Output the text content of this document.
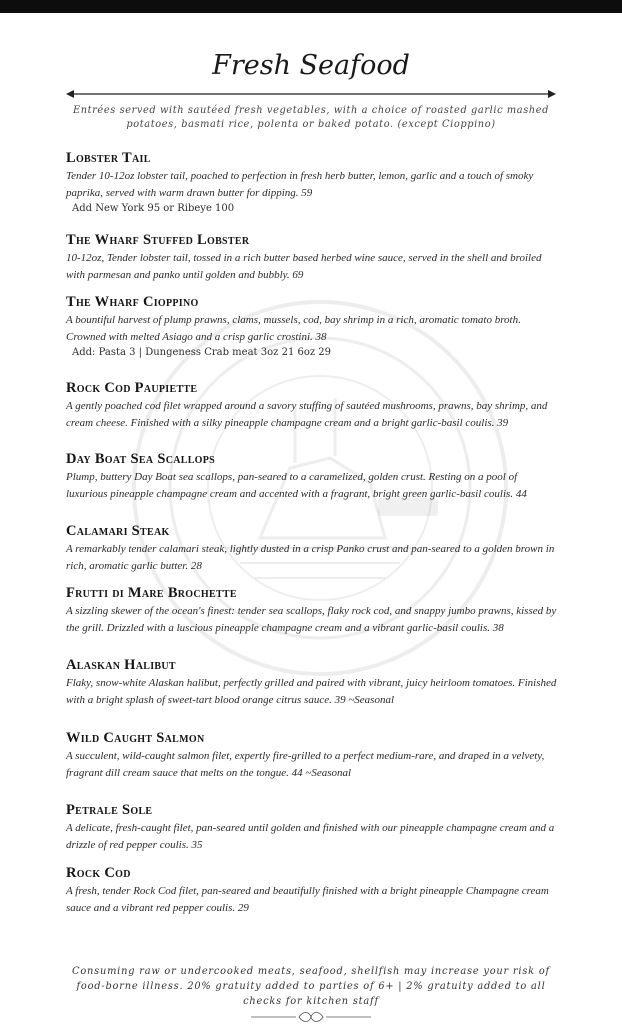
Fresh Seafood
Entrées served with sautéed fresh vegetables, with a choice of roasted garlic mashed potatoes, basmati rice, polenta or baked potato. (except Cioppino)
Lobster Tail
Tender 10-12oz lobster tail, poached to perfection in fresh herb butter, lemon, garlic and a touch of smoky paprika, served with warm drawn butter for dipping. 59
Add New York 95 or Ribeye 100
The Wharf Stuffed Lobster
10-12oz, Tender lobster tail, tossed in a rich butter based herbed wine sauce, served in the shell and broiled with parmesan and panko until golden and bubbly. 69
The Wharf Cioppino
A bountiful harvest of plump prawns, clams, mussels, cod, bay shrimp in a rich, aromatic tomato broth. Crowned with melted Asiago and a crisp garlic crostini. 38
Add: Pasta 3 | Dungeness Crab meat 3oz 21 6oz 29
Rock Cod Paupiette
A gently poached cod filet wrapped around a savory stuffing of sautéed mushrooms, prawns, bay shrimp, and cream cheese. Finished with a silky pineapple champagne cream and a bright garlic-basil coulis. 39
Day Boat Sea Scallops
Plump, buttery Day Boat sea scallops, pan-seared to a caramelized, golden crust. Resting on a pool of luxurious pineapple champagne cream and accented with a fragrant, bright green garlic-basil coulis. 44
Calamari Steak
A remarkably tender calamari steak, lightly dusted in a crisp Panko crust and pan-seared to a golden brown in rich, aromatic garlic butter. 28
Frutti di Mare Brochette
A sizzling skewer of the ocean's finest: tender sea scallops, flaky rock cod, and snappy jumbo prawns, kissed by the grill. Drizzled with a luscious pineapple champagne cream and a vibrant garlic-basil coulis. 38
Alaskan Halibut
Flaky, snow-white Alaskan halibut, perfectly grilled and paired with vibrant, juicy heirloom tomatoes. Finished with a bright splash of sweet-tart blood orange citrus sauce. 39 ~Seasonal
Wild Caught Salmon
A succulent, wild-caught salmon filet, expertly fire-grilled to a perfect medium-rare, and draped in a velvety, fragrant dill cream sauce that melts on the tongue. 44 ~Seasonal
Petrale Sole
A delicate, fresh-caught filet, pan-seared until golden and finished with our pineapple champagne cream and a drizzle of red pepper coulis. 35
Rock Cod
A fresh, tender Rock Cod filet, pan-seared and beautifully finished with a bright pineapple Champagne cream sauce and a vibrant red pepper coulis. 29
Consuming raw or undercooked meats, seafood, shellfish may increase your risk of food-borne illness. 20% gratuity added to parties of 6+ | 2% gratuity added to all checks for kitchen staff
